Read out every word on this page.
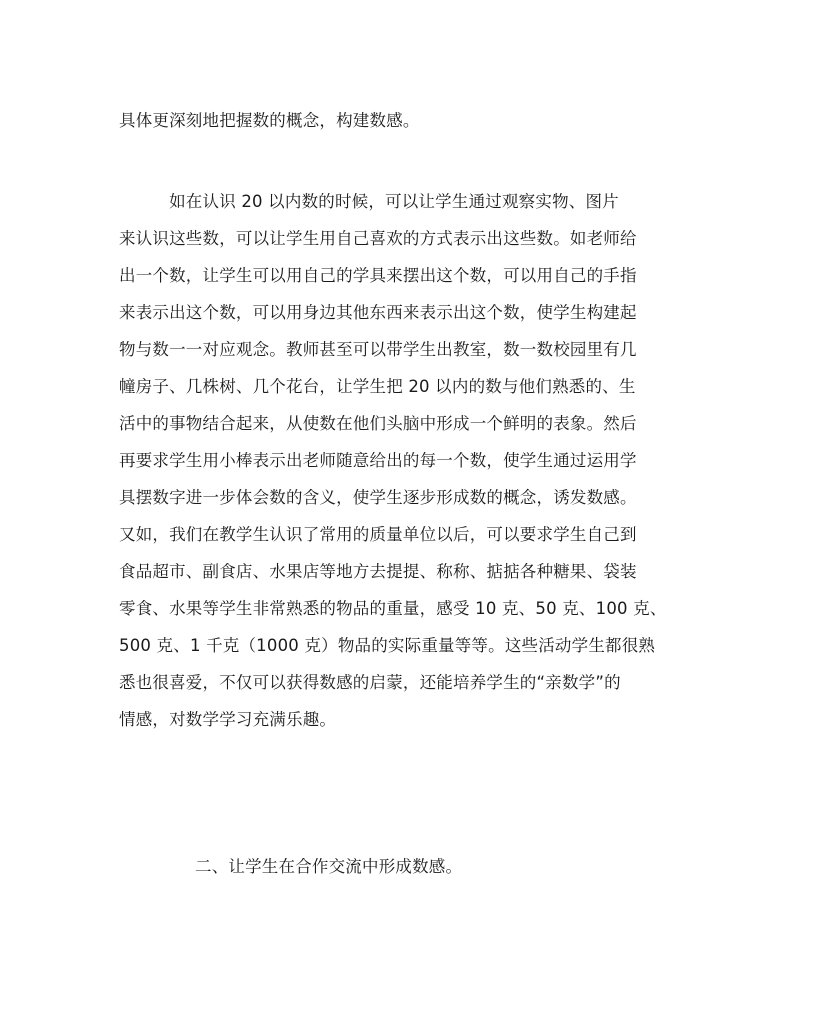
具体更深刻地把握数的概念，构建数感。
　　　如在认识 20 以内数的时候，可以让学生通过观察实物、图片
来认识这些数，可以让学生用自己喜欢的方式表示出这些数。如老师给
出一个数，让学生可以用自己的学具来摆出这个数，可以用自己的手指
来表示出这个数，可以用身边其他东西来表示出这个数，使学生构建起
物与数一一对应观念。教师甚至可以带学生出教室，数一数校园里有几
幢房子、几株树、几个花台，让学生把 20 以内的数与他们熟悉的、生
活中的事物结合起来，从使数在他们头脑中形成一个鲜明的表象。然后
再要求学生用小棒表示出老师随意给出的每一个数，使学生通过运用学
具摆数字进一步体会数的含义，使学生逐步形成数的概念，诱发数感。
又如，我们在教学生认识了常用的质量单位以后，可以要求学生自己到
食品超市、副食店、水果店等地方去提提、称称、掂掂各种糖果、袋装
零食、水果等学生非常熟悉的物品的重量，感受 10 克、50 克、100 克、
500 克、1 千克（1000 克）物品的实际重量等等。这些活动学生都很熟
悉也很喜爱，不仅可以获得数感的启蒙，还能培养学生的“亲数学”的
情感，对数学学习充满乐趣。
二、让学生在合作交流中形成数感。
